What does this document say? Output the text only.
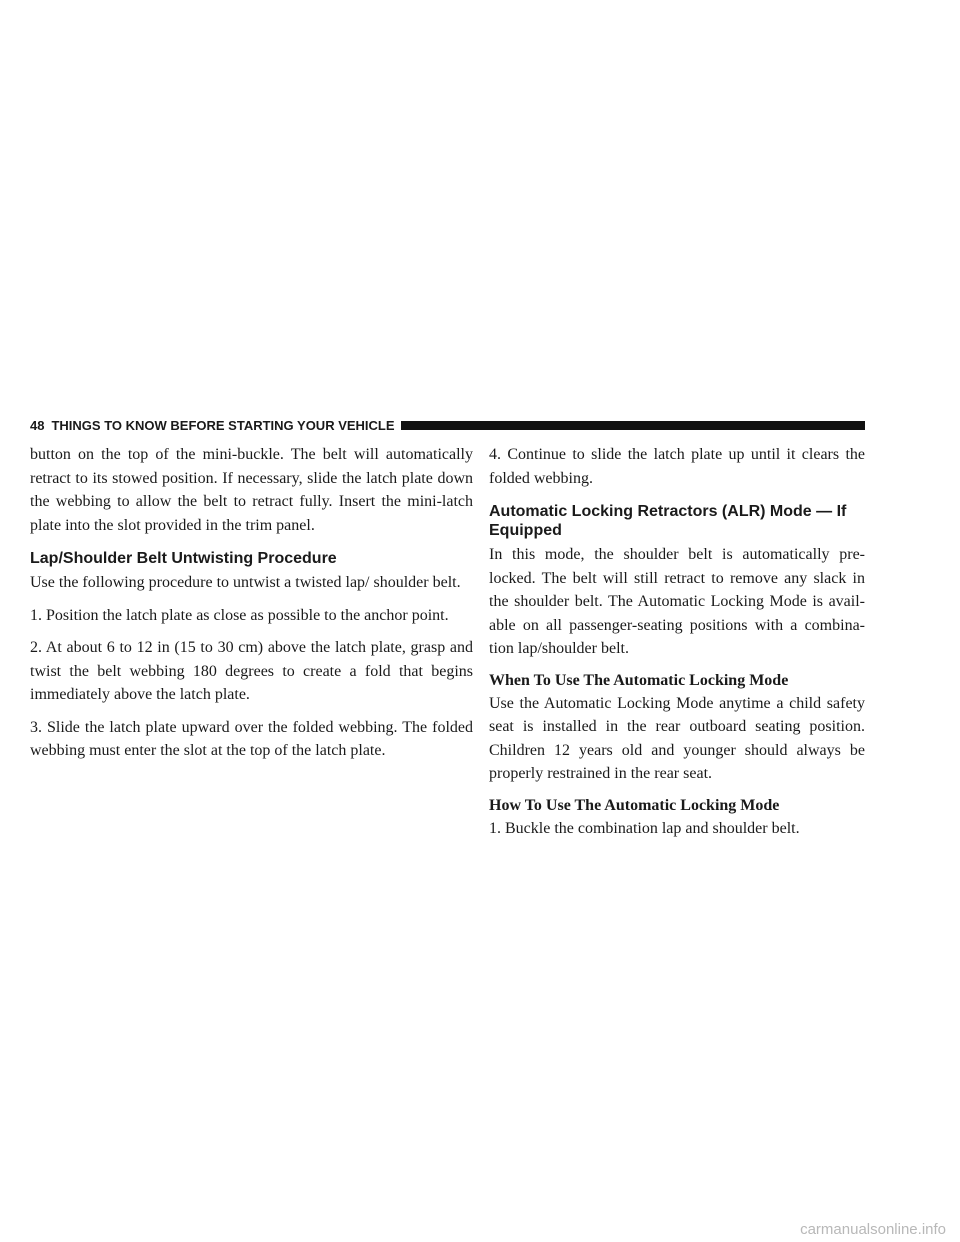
48 THINGS TO KNOW BEFORE STARTING YOUR VEHICLE

button on the top of the mini-buckle. The belt will automatically retract to its stowed position. If necessary, slide the latch plate down the webbing to allow the belt to retract fully. Insert the mini-latch plate into the slot provided in the trim panel.

Lap/Shoulder Belt Untwisting Procedure

Use the following procedure to untwist a twisted lap/ shoulder belt.

1. Position the latch plate as close as possible to the anchor point.

2. At about 6 to 12 in (15 to 30 cm) above the latch plate, grasp and twist the belt webbing 180 degrees to create a fold that begins immediately above the latch plate.

3. Slide the latch plate upward over the folded webbing. The folded webbing must enter the slot at the top of the latch plate.

4. Continue to slide the latch plate up until it clears the folded webbing.

Automatic Locking Retractors (ALR) Mode — If Equipped

In this mode, the shoulder belt is automatically pre-locked. The belt will still retract to remove any slack in the shoulder belt. The Automatic Locking Mode is avail-able on all passenger-seating positions with a combina-tion lap/shoulder belt.

When To Use The Automatic Locking Mode

Use the Automatic Locking Mode anytime a child safety seat is installed in the rear outboard seating position. Children 12 years old and younger should always be properly restrained in the rear seat.

How To Use The Automatic Locking Mode

1. Buckle the combination lap and shoulder belt.

carmanualsonline.info
